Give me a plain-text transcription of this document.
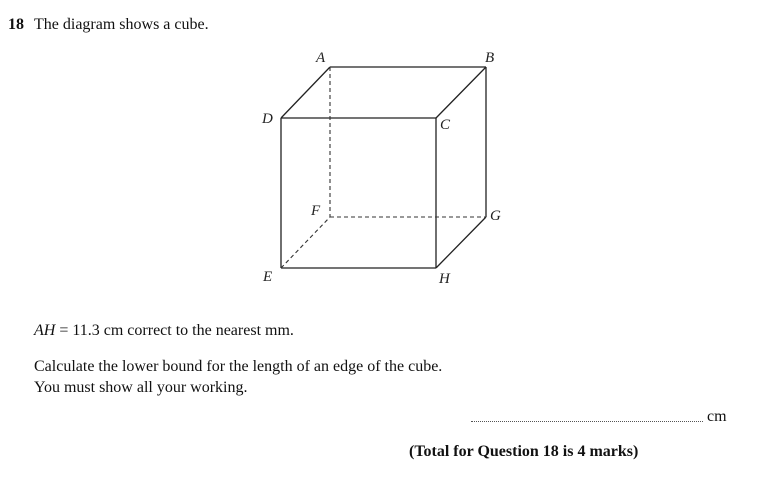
18 The diagram shows a cube.
A	B
C
D
E
F	G
H
AH = 11.3 cm correct to the nearest mm.
Calculate the lower bound for the length of an edge of the cube.
You must show all your working.
cm
(Total for Question 18 is 4 marks)
